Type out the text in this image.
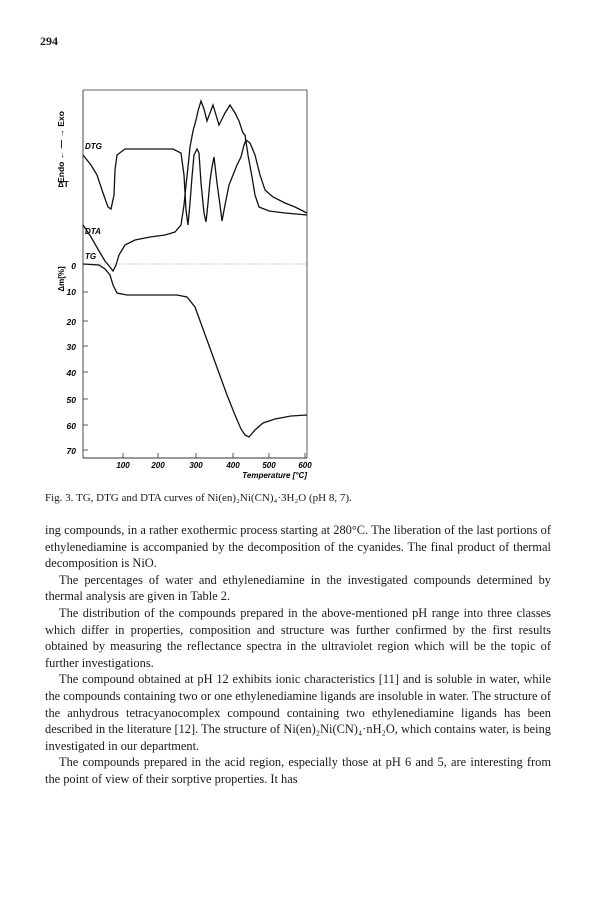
294
Endo ← — → Exo
ΔT
Δm[%]
DTG
DTA
TG
0
10
20
30
40
50
60
70
100	200	300	400	500	600
Temperature [°C]
Fig. 3. TG, DTG and DTA curves of Ni(en)₂Ni(CN)₄·3H₂O (pH 8, 7).

ing compounds, in a rather exothermic process starting at 280°C. The liberation of the last portions of ethylenediamine is accompanied by the decomposition of the cyanides. The final product of thermal decomposition is NiO.

The percentages of water and ethylenediamine in the investigated compounds determined by thermal analysis are given in Table 2.

The distribution of the compounds prepared in the above-mentioned pH range into three classes which differ in properties, composition and structure was further confirmed by the first results obtained by measuring the reflectance spectra in the ultraviolet region which will be the topic of further investigations.

The compound obtained at pH 12 exhibits ionic characteristics [11] and is soluble in water, while the compounds containing two or one ethylenediamine ligands are insoluble in water. The structure of the anhydrous tetracyanocomplex compound containing two ethylenediamine ligands has been described in the literature [12]. The structure of Ni(en)₂Ni(CN)₄·nH₂O, which contains water, is being investigated in our department.

The compounds prepared in the acid region, especially those at pH 6 and 5, are interesting from the point of view of their sorptive properties. It has
